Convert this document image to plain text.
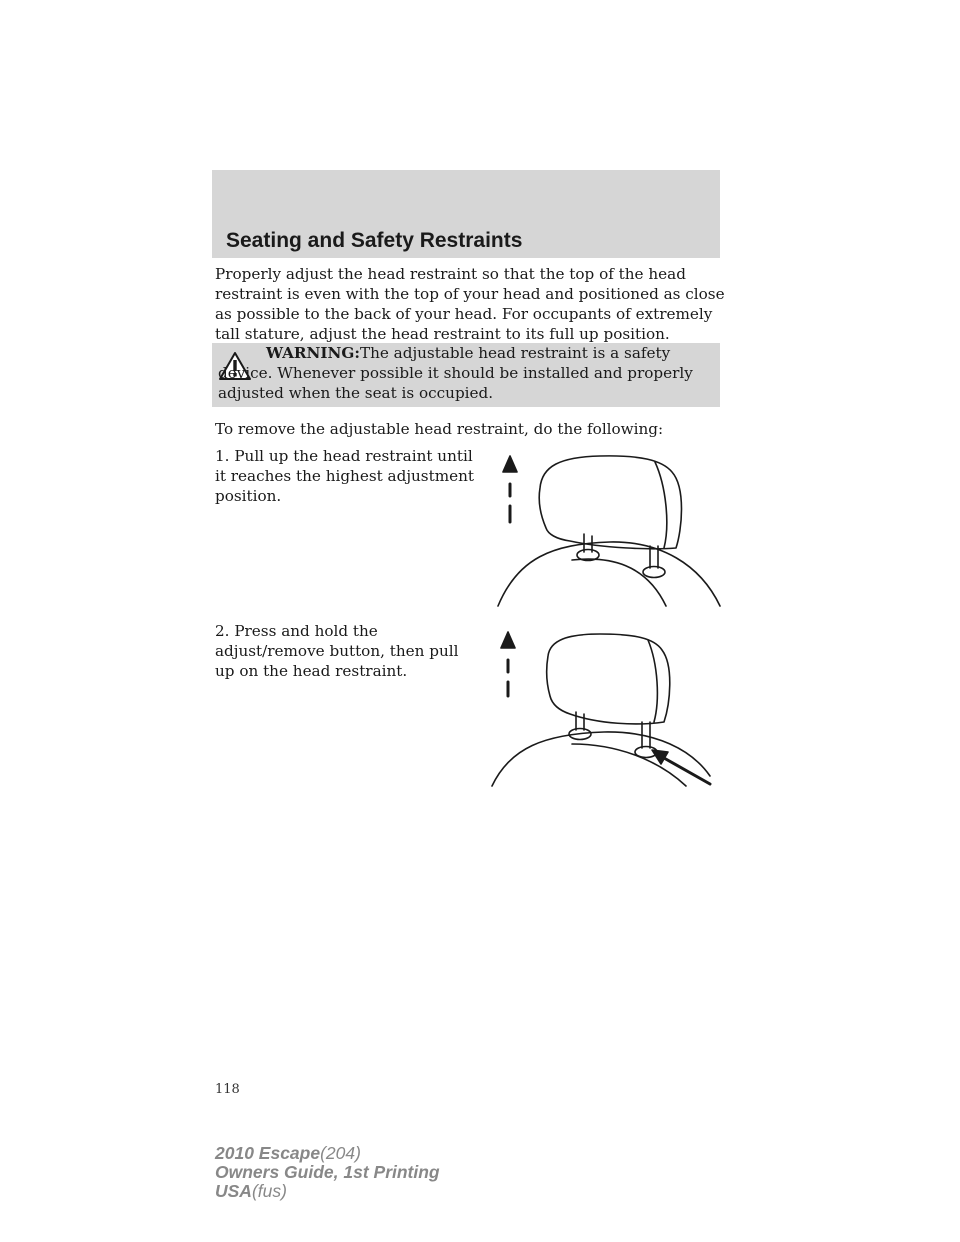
Seating and Safety Restraints
Properly adjust the head restraint so that the top of the head restraint is even with the top of your head and positioned as close as possible to the back of your head. For occupants of extremely tall stature, adjust the head restraint to its full up position.
WARNING:The adjustable head restraint is a safety device. Whenever possible it should be installed and properly adjusted when the seat is occupied.
To remove the adjustable head restraint, do the following:
1. Pull up the head restraint until it reaches the highest adjustment position.
2. Press and hold the adjust/remove button, then pull up on the head restraint.
118
2010 Escape(204)
Owners Guide, 1st Printing
USA(fus)
